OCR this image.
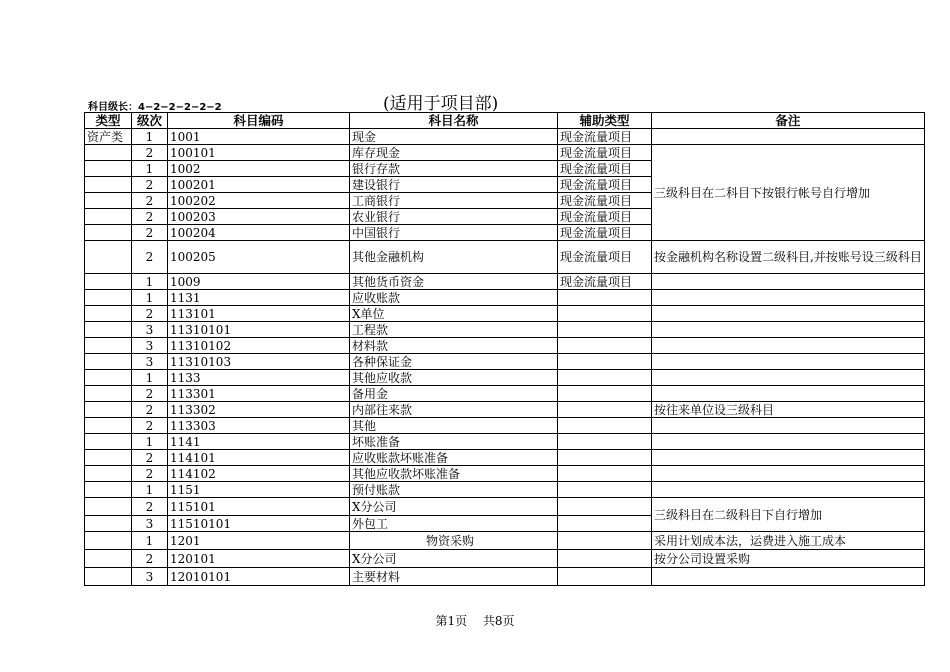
科目级长：4−2−2−2−2−2	(适用于项目部)
类型	级次	科目编码	科目名称	辅助类型	备注
资产类	1	1001	现金	现金流量项目	
	2	100101	库存现金	现金流量项目	三级科目在二科目下按银行帐号自行增加
	1	1002	银行存款	现金流量项目	
	2	100201	建设银行	现金流量项目	
	2	100202	工商银行	现金流量项目	
	2	100203	农业银行	现金流量项目	
	2	100204	中国银行	现金流量项目	
	2	100205	其他金融机构	现金流量项目	按金融机构名称设置二级科目,并按账号设三级科目
	1	1009	其他货币资金	现金流量项目	
	1	1131	应收账款		
	2	113101	X单位		
	3	11310101	工程款		
	3	11310102	材料款		
	3	11310103	各种保证金		
	1	1133	其他应收款		
	2	113301	备用金		
	2	113302	内部往来款		按往来单位设三级科目
	2	113303	其他		
	1	1141	坏账准备		
	2	114101	应收账款坏账准备		
	2	114102	其他应收款坏账准备		
	1	1151	预付账款		
	2	115101	X分公司		三级科目在二级科目下自行增加
	3	11510101	外包工		
	1	1201	物资采购		采用计划成本法，运费进入施工成本
	2	120101	X分公司		按分公司设置采购
	3	12010101	主要材料		
第1页 共8页
